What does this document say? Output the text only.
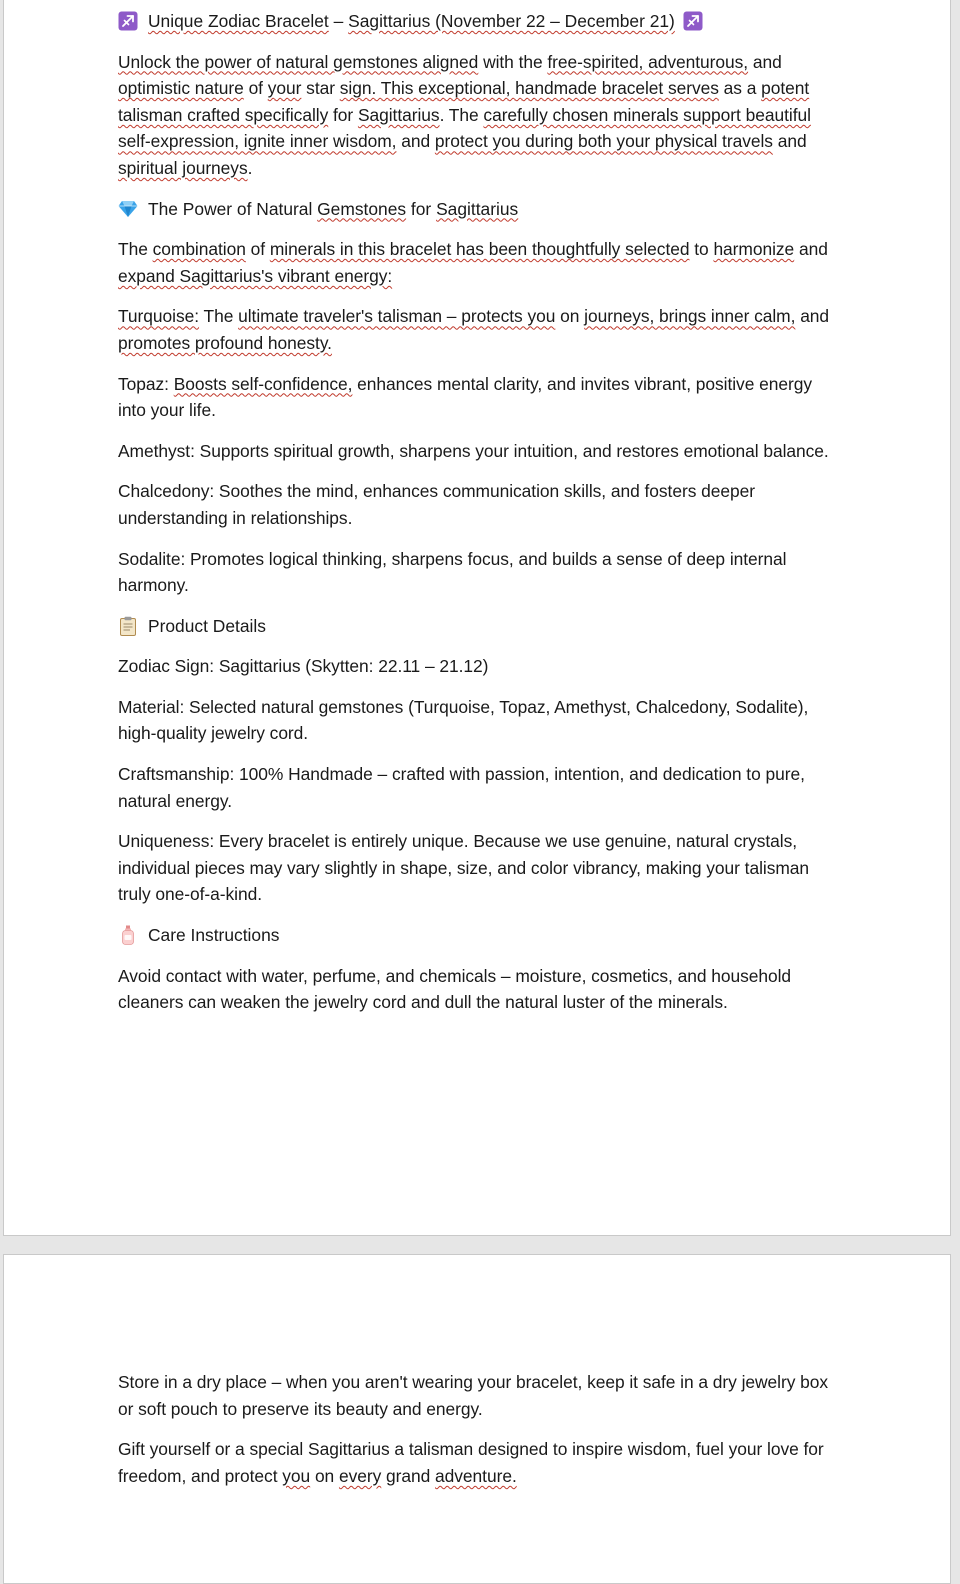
Unique Zodiac Bracelet – Sagittarius (November 22 – December 21)

Unlock the power of natural gemstones aligned with the free-spirited, adventurous, and optimistic nature of your star sign. This exceptional, handmade bracelet serves as a potent talisman crafted specifically for Sagittarius. The carefully chosen minerals support beautiful self-expression, ignite inner wisdom, and protect you during both your physical travels and spiritual journeys.

The Power of Natural Gemstones for Sagittarius

The combination of minerals in this bracelet has been thoughtfully selected to harmonize and expand Sagittarius's vibrant energy:

Turquoise: The ultimate traveler's talisman – protects you on journeys, brings inner calm, and promotes profound honesty.

Topaz: Boosts self-confidence, enhances mental clarity, and invites vibrant, positive energy into your life.

Amethyst: Supports spiritual growth, sharpens your intuition, and restores emotional balance.

Chalcedony: Soothes the mind, enhances communication skills, and fosters deeper understanding in relationships.

Sodalite: Promotes logical thinking, sharpens focus, and builds a sense of deep internal harmony.

Product Details

Zodiac Sign: Sagittarius (Skytten: 22.11 – 21.12)

Material: Selected natural gemstones (Turquoise, Topaz, Amethyst, Chalcedony, Sodalite), high-quality jewelry cord.

Craftsmanship: 100% Handmade – crafted with passion, intention, and dedication to pure, natural energy.

Uniqueness: Every bracelet is entirely unique. Because we use genuine, natural crystals, individual pieces may vary slightly in shape, size, and color vibrancy, making your talisman truly one-of-a-kind.

Care Instructions

Avoid contact with water, perfume, and chemicals – moisture, cosmetics, and household cleaners can weaken the jewelry cord and dull the natural luster of the minerals.

Store in a dry place – when you aren't wearing your bracelet, keep it safe in a dry jewelry box or soft pouch to preserve its beauty and energy.

Gift yourself or a special Sagittarius a talisman designed to inspire wisdom, fuel your love for freedom, and protect you on every grand adventure.
